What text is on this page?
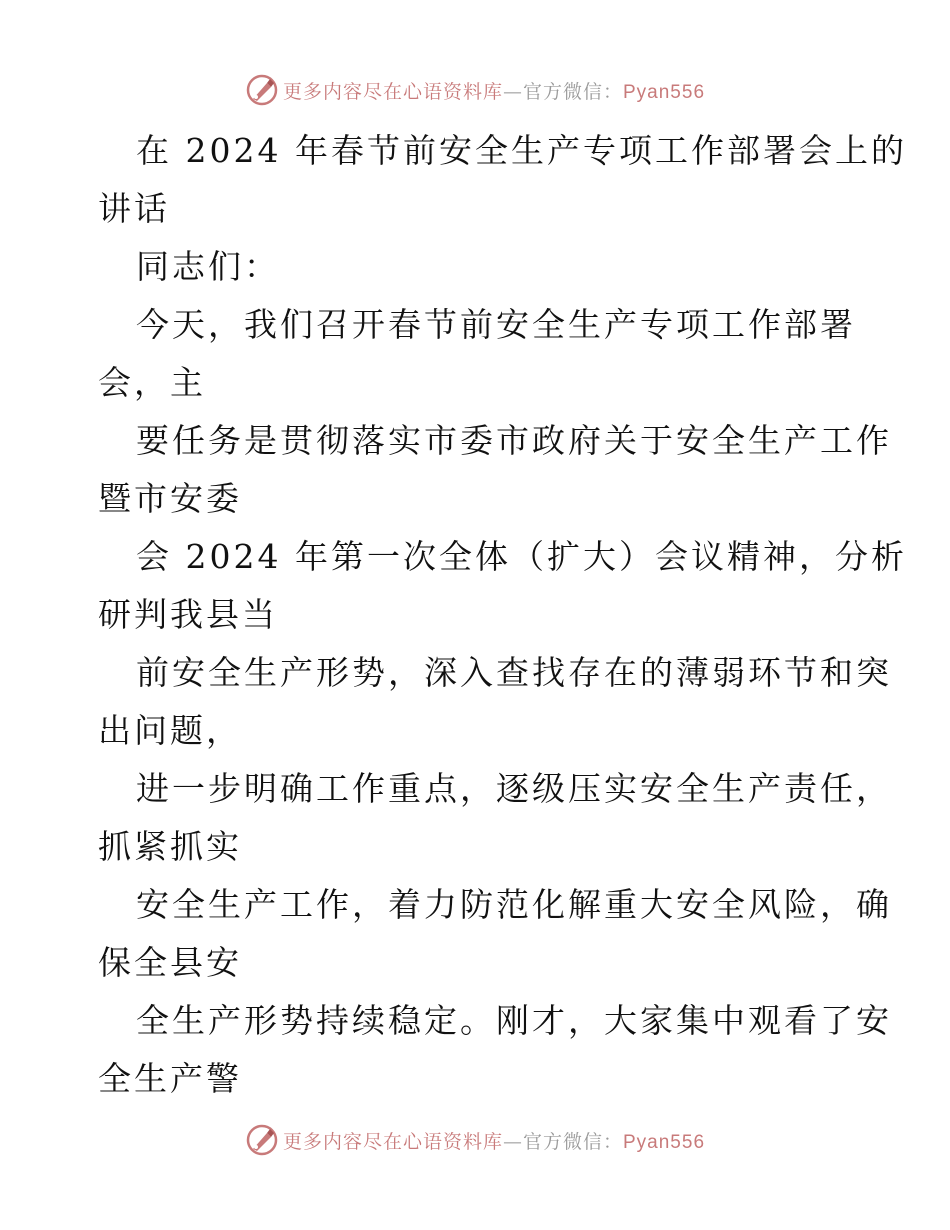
更多内容尽在心语资料库—官方微信：Pyan556
在 2024 年春节前安全生产专项工作部署会上的
讲话
同志们：
今天，我们召开春节前安全生产专项工作部署
会，主
要任务是贯彻落实市委市政府关于安全生产工作
暨市安委
会 2024 年第一次全体（扩大）会议精神，分析
研判我县当
前安全生产形势，深入查找存在的薄弱环节和突
出问题，
进一步明确工作重点，逐级压实安全生产责任，
抓紧抓实
安全生产工作，着力防范化解重大安全风险，确
保全县安
全生产形势持续稳定。刚才，大家集中观看了安
全生产警
更多内容尽在心语资料库—官方微信：Pyan556
